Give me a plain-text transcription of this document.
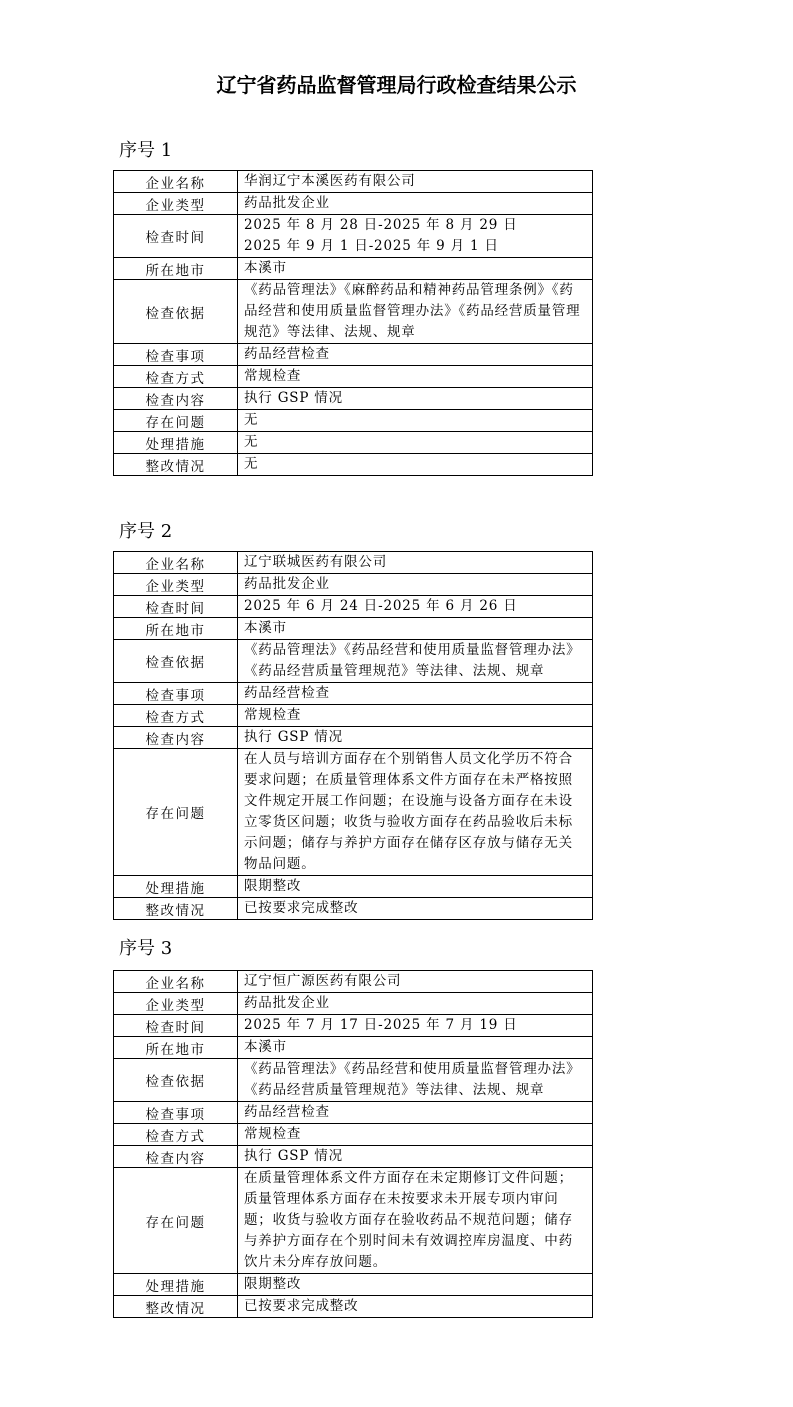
辽宁省药品监督管理局行政检查结果公示
序号 1
企业名称	华润辽宁本溪医药有限公司

企业类型	药品批发企业

检查时间	2025 年 8 月 28 日-2025 年 8 月 29 日
2025 年 9 月 1 日-2025 年 9 月 1 日

所在地市	本溪市

检查依据	《药品管理法》《麻醉药品和精神药品管理条例》《药品经营和使用质量监督管理办法》《药品经营质量管理规范》等法律、法规、规章

检查事项	药品经营检查

检查方式	常规检查

检查内容	执行 GSP 情况

存在问题	无

处理措施	无

整改情况	无
序号 2
企业名称	辽宁联城医药有限公司

企业类型	药品批发企业

检查时间	2025 年 6 月 24 日-2025 年 6 月 26 日

所在地市	本溪市

检查依据	《药品管理法》《药品经营和使用质量监督管理办法》《药品经营质量管理规范》等法律、法规、规章

检查事项	药品经营检查

检查方式	常规检查

检查内容	执行 GSP 情况

存在问题	在人员与培训方面存在个别销售人员文化学历不符合要求问题；在质量管理体系文件方面存在未严格按照文件规定开展工作问题；在设施与设备方面存在未设立零货区问题；收货与验收方面存在药品验收后未标示问题；储存与养护方面存在储存区存放与储存无关物品问题。

处理措施	限期整改

整改情况	已按要求完成整改
序号 3
企业名称	辽宁恒广源医药有限公司

企业类型	药品批发企业

检查时间	2025 年 7 月 17 日-2025 年 7 月 19 日

所在地市	本溪市

检查依据	《药品管理法》《药品经营和使用质量监督管理办法》《药品经营质量管理规范》等法律、法规、规章

检查事项	药品经营检查

检查方式	常规检查

检查内容	执行 GSP 情况

存在问题	在质量管理体系文件方面存在未定期修订文件问题；质量管理体系方面存在未按要求未开展专项内审问题；收货与验收方面存在验收药品不规范问题；储存与养护方面存在个别时间未有效调控库房温度、中药饮片未分库存放问题。

处理措施	限期整改

整改情况	已按要求完成整改
